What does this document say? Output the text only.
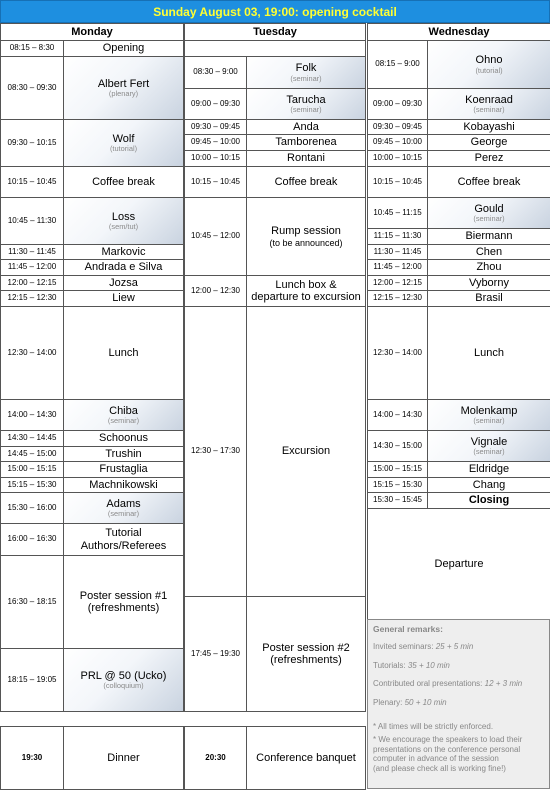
Sunday August 03, 19:00: opening cocktail
Monday	Tuesday	Wednesday
08:15 – 8:30	Opening
08:30 – 09:30	Albert Fert
(plenary)
09:30 – 10:15	Wolf
(tutorial)
10:15 – 10:45	Coffee break
10:45 – 11:30	Loss
(sem/tut)
11:30 – 11:45	Markovic
11:45 – 12:00	Andrada e Silva
12:00 – 12:15	Jozsa
12:15 – 12:30	Liew
12:30 – 14:00	Lunch
14:00 – 14:30	Chiba
(seminar)
14:30 – 14:45	Schoonus
14:45 – 15:00	Trushin
15:00 – 15:15	Frustaglia
15:15 – 15:30	Machnikowski
15:30 – 16:00	Adams
(seminar)
16:00 – 16:30	Tutorial
Authors/Referees
16:30 – 18:15	Poster session #1
(refreshments)
18:15 – 19:05	PRL @ 50 (Ucko)
(colloquium)
19:30	Dinner
08:30 – 9:00	Folk
(seminar)
09:00 – 09:30	Tarucha
(seminar)
09:30 – 09:45	Anda
09:45 – 10:00	Tamborenea
10:00 – 10:15	Rontani
10:15 – 10:45	Coffee break
10:45 – 12:00	Rump session
(to be announced)
12:00 – 12:30	Lunch box &
departure to excursion
12:30 – 17:30	Excursion
17:45 – 19:30	Poster session #2
(refreshments)
20:30	Conference banquet
08:15 – 9:00	Ohno
(tutorial)
09:00 – 09:30	Koenraad
(seminar)
09:30 – 09:45	Kobayashi
09:45 – 10:00	George
10:00 – 10:15	Perez
10:15 – 10:45	Coffee break
10:45 – 11:15	Gould
(seminar)
11:15 – 11:30	Biermann
11:30 – 11:45	Chen
11:45 – 12:00	Zhou
12:00 – 12:15	Vyborny
12:15 – 12:30	Brasil
12:30 – 14:00	Lunch
14:00 – 14:30	Molenkamp
(seminar)
14:30 – 15:00	Vignale
(seminar)
15:00 – 15:15	Eldridge
15:15 – 15:30	Chang
15:30 – 15:45	Closing
Departure
General remarks:
Invited seminars: 25 + 5 min
Tutorials: 35 + 10 min
Contributed oral presentations: 12 + 3 min
Plenary: 50 + 10 min
* All times will be strictly enforced.
* We encourage the speakers to load their presentations on the conference personal computer in advance of the session
(and please check all is working fine!)
